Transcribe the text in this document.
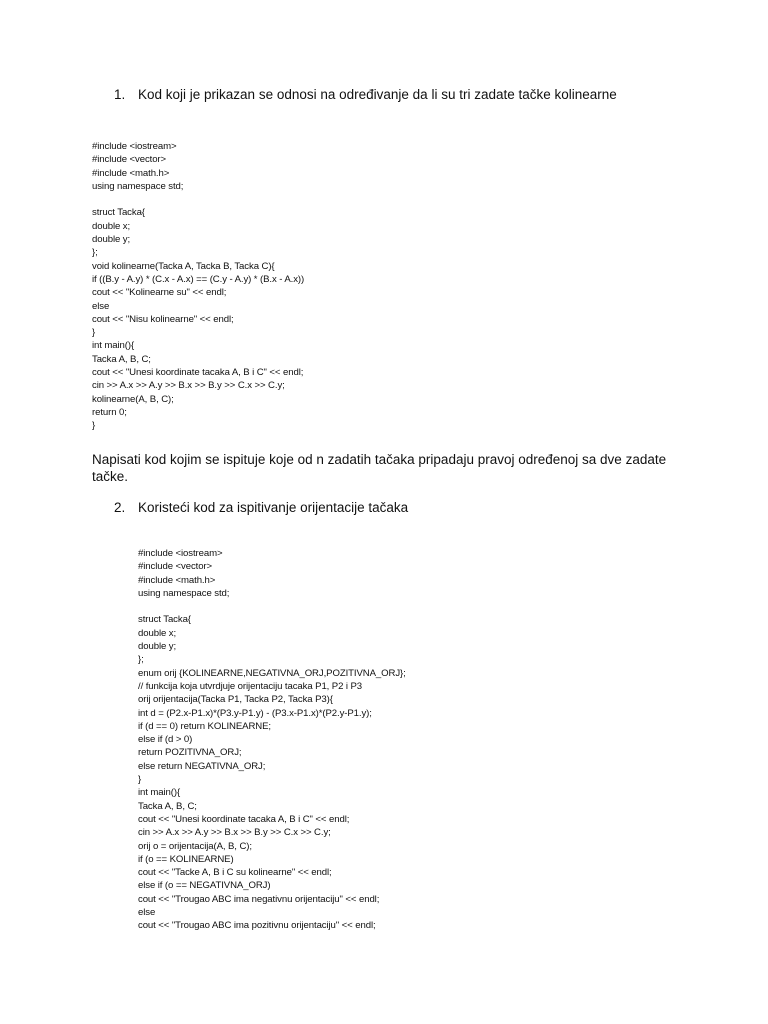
1. Kod koji je prikazan se odnosi na određivanje da li su tri zadate tačke kolinearne
#include <iostream>
#include <vector>
#include <math.h>
using namespace std;
struct Tacka{
double x;
double y;
};
void kolinearne(Tacka A, Tacka B, Tacka C){
if ((B.y - A.y) * (C.x - A.x) == (C.y - A.y) * (B.x - A.x))
cout << "Kolinearne su" << endl;
else
cout << "Nisu kolinearne" << endl;
}
int main(){
Tacka A, B, C;
cout << "Unesi koordinate tacaka A, B i C" << endl;
cin >> A.x >> A.y >> B.x >> B.y >> C.x >> C.y;
kolinearne(A, B, C);
return 0;
}
Napisati kod kojim se ispituje koje od n zadatih tačaka pripadaju pravoj određenoj sa dve zadate tačke.
2. Koristeći kod za ispitivanje orijentacije tačaka
#include <iostream>
#include <vector>
#include <math.h>
using namespace std;
struct Tacka{
double x;
double y;
};
enum orij {KOLINEARNE,NEGATIVNA_ORJ,POZITIVNA_ORJ};
// funkcija koja utvrdjuje orijentaciju tacaka P1, P2 i P3
orij orijentacija(Tacka P1, Tacka P2, Tacka P3){
int d = (P2.x-P1.x)*(P3.y-P1.y) - (P3.x-P1.x)*(P2.y-P1.y);
if (d == 0) return KOLINEARNE;
else if (d > 0)
return POZITIVNA_ORJ;
else return NEGATIVNA_ORJ;
}
int main(){
Tacka A, B, C;
cout << "Unesi koordinate tacaka A, B i C" << endl;
cin >> A.x >> A.y >> B.x >> B.y >> C.x >> C.y;
orij o = orijentacija(A, B, C);
if (o == KOLINEARNE)
cout << "Tacke A, B i C su kolinearne" << endl;
else if (o == NEGATIVNA_ORJ)
cout << "Trougao ABC ima negativnu orijentaciju" << endl;
else
cout << "Trougao ABC ima pozitivnu orijentaciju" << endl;
